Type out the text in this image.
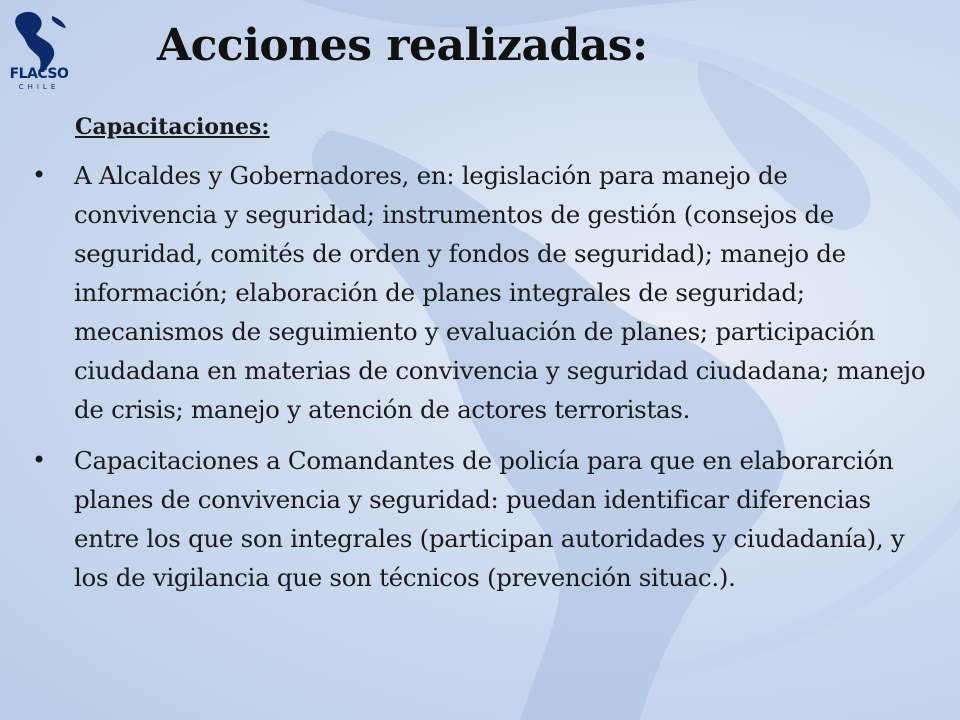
FLACSO
CHILE
Acciones realizadas:
Capacitaciones:
•	A Alcaldes y Gobernadores, en: legislación para manejo de convivencia y seguridad; instrumentos de gestión (consejos de seguridad, comités de orden y fondos de seguridad); manejo de información; elaboración de planes integrales de seguridad; mecanismos de seguimiento y evaluación de planes; participación ciudadana en materias de convivencia y seguridad ciudadana; manejo de crisis; manejo y atención de actores terroristas.
•	Capacitaciones a Comandantes de policía para que en elaborarción planes de convivencia y seguridad: puedan identificar diferencias entre los que son integrales (participan autoridades y ciudadanía), y los de vigilancia que son técnicos (prevención situac.).
